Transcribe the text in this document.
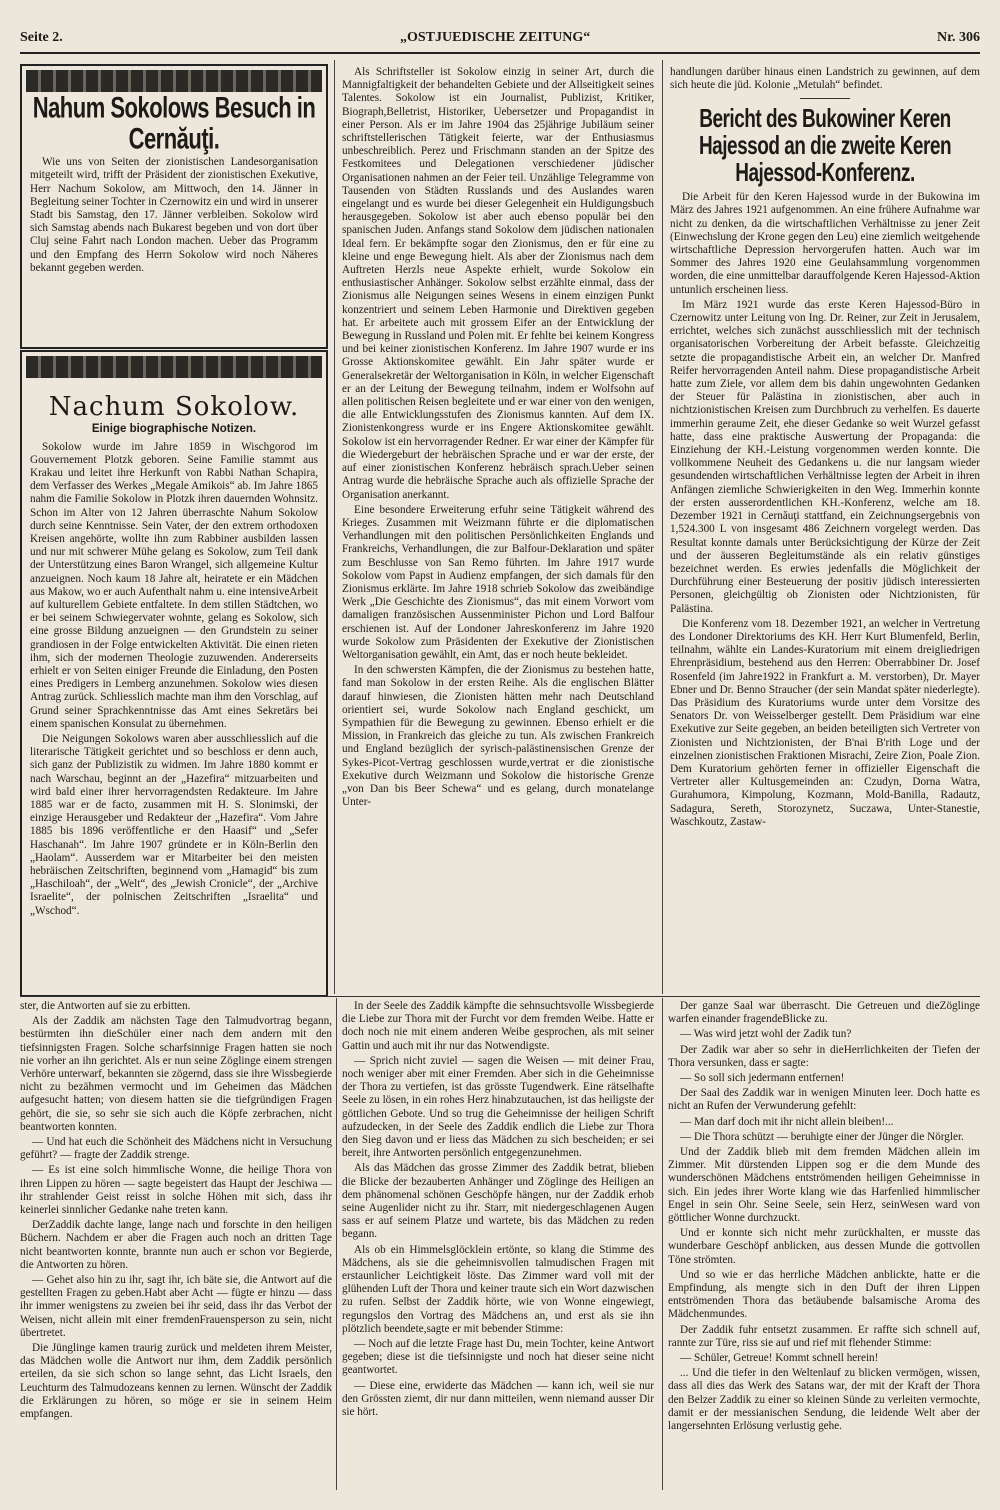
Seite 2.	„OSTJUEDISCHE ZEITUNG“	Nr. 306
Nahum Sokolows Besuch in Cernăuţi.

Wie uns von Seiten der zionistischen Landesorganisation mitgeteilt wird, trifft der Präsident der zionistischen Exekutive, Herr Nachum Sokolow, am Mittwoch, den 14. Jänner in Begleitung seiner Tochter in Czernowitz ein und wird in unserer Stadt bis Samstag, den 17. Jänner verbleiben. Sokolow wird sich Samstag abends nach Bukarest begeben und von dort über Cluj seine Fahrt nach London machen. Ueber das Programm und den Empfang des Herrn Sokolow wird noch Näheres bekannt gegeben werden.

Nachum Sokolow.
Einige biographische Notizen.

Sokolow wurde im Jahre 1859 in Wischgorod im Gouvernement Plotzk geboren. Seine Familie stammt aus Krakau und leitet ihre Herkunft von Rabbi Nathan Schapira, dem Verfasser des Werkes „Megale Amikois“ ab. Im Jahre 1865 nahm die Familie Sokolow in Plotzk ihren dauernden Wohnsitz. Schon im Alter von 12 Jahren überraschte Nahum Sokolow durch seine Kenntnisse. Sein Vater, der den extrem orthodoxen Kreisen angehörte, wollte ihn zum Rabbiner ausbilden lassen und nur mit schwerer Mühe gelang es Sokolow, zum Teil dank der Unterstützung eines Baron Wrangel, sich allgemeine Kultur anzueignen. Noch kaum 18 Jahre alt, heiratete er ein Mädchen aus Makow, wo er auch Aufenthalt nahm u. eine intensiveArbeit auf kulturellem Gebiete entfaltete. In dem stillen Städtchen, wo er bei seinem Schwiegervater wohnte, gelang es Sokolow, sich eine grosse Bildung anzueignen — den Grundstein zu seiner grandiosen in der Folge entwickelten Aktivität. Die einen rieten ihm, sich der modernen Theologie zuzuwenden. Andererseits erhielt er von Seiten einiger Freunde die Einladung, den Posten eines Predigers in Lemberg anzunehmen. Sokolow wies diesen Antrag zurück. Schliesslich machte man ihm den Vorschlag, auf Grund seiner Sprachkenntnisse das Amt eines Sekretärs bei einem spanischen Konsulat zu übernehmen.

Die Neigungen Sokolows waren aber ausschliesslich auf die literarische Tätigkeit gerichtet und so beschloss er denn auch, sich ganz der Publizistik zu widmen. Im Jahre 1880 kommt er nach Warschau, beginnt an der „Hazefira“ mitzuarbeiten und wird bald einer ihrer hervorragendsten Redakteure. Im Jahre 1885 war er de facto, zusammen mit H. S. Slonimski, der einzige Herausgeber und Redakteur der „Hazefira“. Vom Jahre 1885 bis 1896 veröffentliche er den Haasif“ und „Sefer Haschanah“. Im Jahre 1907 gründete er in Köln-Berlin den „Haolam“. Ausserdem war er Mitarbeiter bei den meisten hebräischen Zeitschriften, beginnend vom „Hamagid“ bis zum „Haschiloah“, der „Welt“, des „Jewish Cronicle“, der „Archive Israelite“, der polnischen Zeitschriften „Israelita“ und „Wschod“.

Als Schriftsteller ist Sokolow einzig in seiner Art, durch die Mannigfaltigkeit der behandelten Gebiete und der Allseitigkeit seines Talentes. Sokolow ist ein Journalist, Publizist, Kritiker, Biograph,Belletrist, Historiker, Uebersetzer und Propagandist in einer Person. Als er im Jahre 1904 das 25jährige Jubiläum seiner schriftstellerischen Tätigkeit feierte, war der Enthusiasmus unbeschreiblich. Perez und Frischmann standen an der Spitze des Festkomitees und Delegationen verschiedener jüdischer Organisationen nahmen an der Feier teil. Unzählige Telegramme von Tausenden von Städten Russlands und des Auslandes waren eingelangt und es wurde bei dieser Gelegenheit ein Huldigungsbuch herausgegeben. Sokolow ist aber auch ebenso populär bei den spanischen Juden. Anfangs stand Sokolow dem jüdischen nationalen Ideal fern. Er bekämpfte sogar den Zionismus, den er für eine zu kleine und enge Bewegung hielt. Als aber der Zionismus nach dem Auftreten Herzls neue Aspekte erhielt, wurde Sokolow ein enthusiastischer Anhänger. Sokolow selbst erzählte einmal, dass der Zionismus alle Neigungen seines Wesens in einem einzigen Punkt konzentriert und seinem Leben Harmonie und Direktiven gegeben hat. Er arbeitete auch mit grossem Eifer an der Entwicklung der Bewegung in Russland und Polen mit. Er fehlte bei keinem Kongress und bei keiner zionistischen Konferenz. Im Jahre 1907 wurde er ins Grosse Aktionskomitee gewählt. Ein Jahr später wurde er Generalsekretär der Weltorganisation in Köln, in welcher Eigenschaft er an der Leitung der Bewegung teilnahm, indem er Wolfsohn auf allen politischen Reisen begleitete und er war einer von den wenigen, die alle Entwicklungsstufen des Zionismus kannten. Auf dem IX. Zionistenkongress wurde er ins Engere Aktionskomitee gewählt. Sokolow ist ein hervorragender Redner. Er war einer der Kämpfer für die Wiedergeburt der hebräischen Sprache und er war der erste, der auf einer zionistischen Konferenz hebräisch sprach.Ueber seinen Antrag wurde die hebräische Sprache auch als offizielle Sprache der Organisation anerkannt.

Eine besondere Erweiterung erfuhr seine Tätigkeit während des Krieges. Zusammen mit Weizmann führte er die diplomatischen Verhandlungen mit den politischen Persönlichkeiten Englands und Frankreichs, Verhandlungen, die zur Balfour-Deklaration und später zum Beschlusse von San Remo führten. Im Jahre 1917 wurde Sokolow vom Papst in Audienz empfangen, der sich damals für den Zionismus erklärte. Im Jahre 1918 schrieb Sokolow das zweibändige Werk „Die Geschichte des Zionismus“, das mit einem Vorwort vom damaligen französischen Aussenminister Pichon und Lord Balfour erschienen ist. Auf der Londoner Jahreskonferenz im Jahre 1920 wurde Sokolow zum Präsidenten der Exekutive der Zionistischen Weltorganisation gewählt, ein Amt, das er noch heute bekleidet.

In den schwersten Kämpfen, die der Zionismus zu bestehen hatte, fand man Sokolow in der ersten Reihe. Als die englischen Blätter darauf hinwiesen, die Zionisten hätten mehr nach Deutschland orientiert sei, wurde Sokolow nach England geschickt, um Sympathien für die Bewegung zu gewinnen. Ebenso erhielt er die Mission, in Frankreich das gleiche zu tun. Als zwischen Frankreich und England bezüglich der syrisch-palästinensischen Grenze der Sykes-Picot-Vertrag geschlossen wurde,vertrat er die zionistische Exekutive durch Weizmann und Sokolow die historische Grenze „von Dan bis Beer Schewa“ und es gelang, durch monatelange Unter-

handlungen darüber hinaus einen Landstrich zu gewinnen, auf dem sich heute die jüd. Kolonie „Metulah“ befindet.

Bericht des Bukowiner Keren Hajessod an die zweite Keren Hajessod-Konferenz.

Die Arbeit für den Keren Hajessod wurde in der Bukowina im März des Jahres 1921 aufgenommen. An eine frühere Aufnahme war nicht zu denken, da die wirtschaftlichen Verhältnisse zu jener Zeit (Einwechslung der Krone gegen den Leu) eine ziemlich weitgehende wirtschaftliche Depression hervorgerufen hatten. Auch war im Sommer des Jahres 1920 eine Geulahsammlung vorgenommen worden, die eine unmittelbar darauffolgende Keren Hajessod-Aktion untunlich erscheinen liess.

Im März 1921 wurde das erste Keren Hajessod-Büro in Czernowitz unter Leitung von Ing. Dr. Reiner, zur Zeit in Jerusalem, errichtet, welches sich zunächst ausschliesslich mit der technisch organisatorischen Vorbereitung der Arbeit befasste. Gleichzeitig setzte die propagandistische Arbeit ein, an welcher Dr. Manfred Reifer hervorragenden Anteil nahm. Diese propagandistische Arbeit hatte zum Ziele, vor allem dem bis dahin ungewohnten Gedanken der Steuer für Palästina in zionistischen, aber auch in nichtzionistischen Kreisen zum Durchbruch zu verhelfen. Es dauerte immerhin geraume Zeit, ehe dieser Gedanke so weit Wurzel gefasst hatte, dass eine praktische Auswertung der Propaganda: die Einziehung der KH.-Leistung vorgenommen werden konnte. Die vollkommene Neuheit des Gedankens u. die nur langsam wieder gesundenden wirtschaftlichen Verhältnisse legten der Arbeit in ihren Anfängen ziemliche Schwierigkeiten in den Weg. Immerhin konnte der ersten ausserordentlichen KH.-Konferenz, welche am 18. Dezember 1921 in Cernăuţi stattfand, ein Zeichnungsergebnis von 1,524.300 L von insgesamt 486 Zeichnern vorgelegt werden. Das Resultat konnte damals unter Berücksichtigung der Kürze der Zeit und der äusseren Begleitumstände als ein relativ günstiges bezeichnet werden. Es erwies jedenfalls die Möglichkeit der Durchführung einer Besteuerung der positiv jüdisch interessierten Personen, gleichgültig ob Zionisten oder Nichtzionisten, für Palästina.

Die Konferenz vom 18. Dezember 1921, an welcher in Vertretung des Londoner Direktoriums des KH. Herr Kurt Blumenfeld, Berlin, teilnahm, wählte ein Landes-Kuratorium mit einem dreigliedrigen Ehrenpräsidium, bestehend aus den Herren: Oberrabbiner Dr. Josef Rosenfeld (im Jahre1922 in Frankfurt a. M. verstorben), Dr. Mayer Ebner und Dr. Benno Straucher (der sein Mandat später niederlegte). Das Präsidium des Kuratoriums wurde unter dem Vorsitze des Senators Dr. von Weisselberger gestellt. Dem Präsidium war eine Exekutive zur Seite gegeben, an beiden beteiligten sich Vertreter von Zionisten und Nichtzionisten, der B'nai B'rith Loge und der einzelnen zionistischen Fraktionen Misrachi, Zeire Zion, Poale Zion. Dem Kuratorium gehörten ferner in offizieller Eigenschaft die Vertreter aller Kultusgemeinden an: Czudyn, Dorna Watra, Gurahumora, Kimpolung, Kozmann, Mold-Banilla, Radautz, Sadagura, Sereth, Storozynetz, Suczawa, Unter-Stanestie, Waschkoutz, Zastaw-

ster, die Antworten auf sie zu erbitten.

Als der Zaddik am nächsten Tage den Talmudvortrag begann, bestürmten ihn dieSchüler einer nach dem andern mit den tiefsinnigsten Fragen. Solche scharfsinnige Fragen hatten sie noch nie vorher an ihn gerichtet. Als er nun seine Zöglinge einem strengen Verhöre unterwarf, bekannten sie zögernd, dass sie ihre Wissbegierde nicht zu bezähmen vermocht und im Geheimen das Mädchen aufgesucht hatten; von diesem hatten sie die tiefgründigen Fragen gehört, die sie, so sehr sie sich auch die Köpfe zerbrachen, nicht beantworten konnten.

— Und hat euch die Schönheit des Mädchens nicht in Versuchung geführt? — fragte der Zaddik strenge.

— Es ist eine solch himmlische Wonne, die heilige Thora von ihren Lippen zu hören — sagte begeistert das Haupt der Jeschiwa — ihr strahlender Geist reisst in solche Höhen mit sich, dass ihr keinerlei sinnlicher Gedanke nahe treten kann.

DerZaddik dachte lange, lange nach und forschte in den heiligen Büchern. Nachdem er aber die Fragen auch noch an dritten Tage nicht beantworten konnte, brannte nun auch er schon vor Begierde, die Antworten zu hören.

— Gehet also hin zu ihr, sagt ihr, ich bäte sie, die Antwort auf die gestellten Fragen zu geben.Habt aber Acht — fügte er hinzu — dass ihr immer wenigstens zu zweien bei ihr seid, dass ihr das Verbot der Weisen, nicht allein mit einer fremdenFrauensperson zu sein, nicht übertretet.

Die Jünglinge kamen traurig zurück und meldeten ihrem Meister, das Mädchen wolle die Antwort nur ihm, dem Zaddik persönlich erteilen, da sie sich schon so lange sehnt, das Licht Israels, den Leuchturm des Talmudozeans kennen zu lernen. Wünscht der Zaddik die Erklärungen zu hören, so möge er sie in seinem Heim empfangen.

In der Seele des Zaddik kämpfte die sehnsuchtsvolle Wissbegierde die Liebe zur Thora mit der Furcht vor dem fremden Weibe. Hatte er doch noch nie mit einem anderen Weibe gesprochen, als mit seiner Gattin und auch mit ihr nur das Notwendigste.

— Sprich nicht zuviel — sagen die Weisen — mit deiner Frau, noch weniger aber mit einer Fremden. Aber sich in die Geheimnisse der Thora zu vertiefen, ist das grösste Tugendwerk. Eine rätselhafte Seele zu lösen, in ein rohes Herz hinabzutauchen, ist das heiligste der göttlichen Gebote. Und so trug die Geheimnisse der heiligen Schrift aufzudecken, in der Seele des Zaddik endlich die Liebe zur Thora den Sieg davon und er liess das Mädchen zu sich bescheiden; er sei bereit, ihre Antworten persönlich entgegenzunehmen.

Als das Mädchen das grosse Zimmer des Zaddik betrat, blieben die Blicke der bezauberten Anhänger und Zöglinge des Heiligen an dem phänomenal schönen Geschöpfe hängen, nur der Zaddik erhob seine Augenlider nicht zu ihr. Starr, mit niedergeschlagenen Augen sass er auf seinem Platze und wartete, bis das Mädchen zu reden begann.

Als ob ein Himmelsglöcklein ertönte, so klang die Stimme des Mädchens, als sie die geheimnisvollen talmudischen Fragen mit erstaunlicher Leichtigkeit löste. Das Zimmer ward voll mit der glühenden Luft der Thora und keiner traute sich ein Wort dazwischen zu rufen. Selbst der Zaddik hörte, wie von Wonne eingewiegt, regungslos den Vortrag des Mädchens an, und erst als sie ihn plötzlich beendete,sagte er mit bebender Stimme:

— Noch auf die letzte Frage hast Du, mein Tochter, keine Antwort gegeben; diese ist die tiefsinnigste und noch hat dieser seine nicht geantwortet.

— Diese eine, erwiderte das Mädchen — kann ich, weil sie nur den Grössten ziemt, dir nur dann mitteilen, wenn niemand ausser Dir sie hört.

Der ganze Saal war überrascht. Die Getreuen und dieZöglinge warfen einander fragendeBlicke zu.

— Was wird jetzt wohl der Zadik tun?

Der Zadik war aber so sehr in dieHerrlichkeiten der Tiefen der Thora versunken, dass er sagte:

— So soll sich jedermann entfernen!

Der Saal des Zaddik war in wenigen Minuten leer. Doch hatte es nicht an Rufen der Verwunderung gefehlt:

— Man darf doch mit ihr nicht allein bleiben!...

— Die Thora schützt — beruhigte einer der Jünger die Nörgler.

Und der Zaddik blieb mit dem fremden Mädchen allein im Zimmer. Mit dürstenden Lippen sog er die dem Munde des wunderschönen Mädchens entströmenden heiligen Geheimnisse in sich. Ein jedes ihrer Worte klang wie das Harfenlied himmlischer Engel in sein Ohr. Seine Seele, sein Herz, seinWesen ward von göttlicher Wonne durchzuckt.

Und er konnte sich nicht mehr zurückhalten, er musste das wunderbare Geschöpf anblicken, aus dessen Munde die gottvollen Töne strömten.

Und so wie er das herrliche Mädchen anblickte, hatte er die Empfindung, als mengte sich in den Duft der ihren Lippen entströmenden Thora das betäubende balsamische Aroma des Mädchenmundes.

Der Zaddik fuhr entsetzt zusammen. Er raffte sich schnell auf, rannte zur Türe, riss sie auf und rief mit flehender Stimme:

— Schüler, Getreue! Kommt schnell herein!

... Und die tiefer in den Weltenlauf zu blicken vermögen, wissen, dass all dies das Werk des Satans war, der mit der Kraft der Thora den Belzer Zaddik zu einer so kleinen Sünde zu verleiten vermochte, damit er der messianischen Sendung, die leidende Welt aber der langersehnten Erlösung verlustig gehe.
